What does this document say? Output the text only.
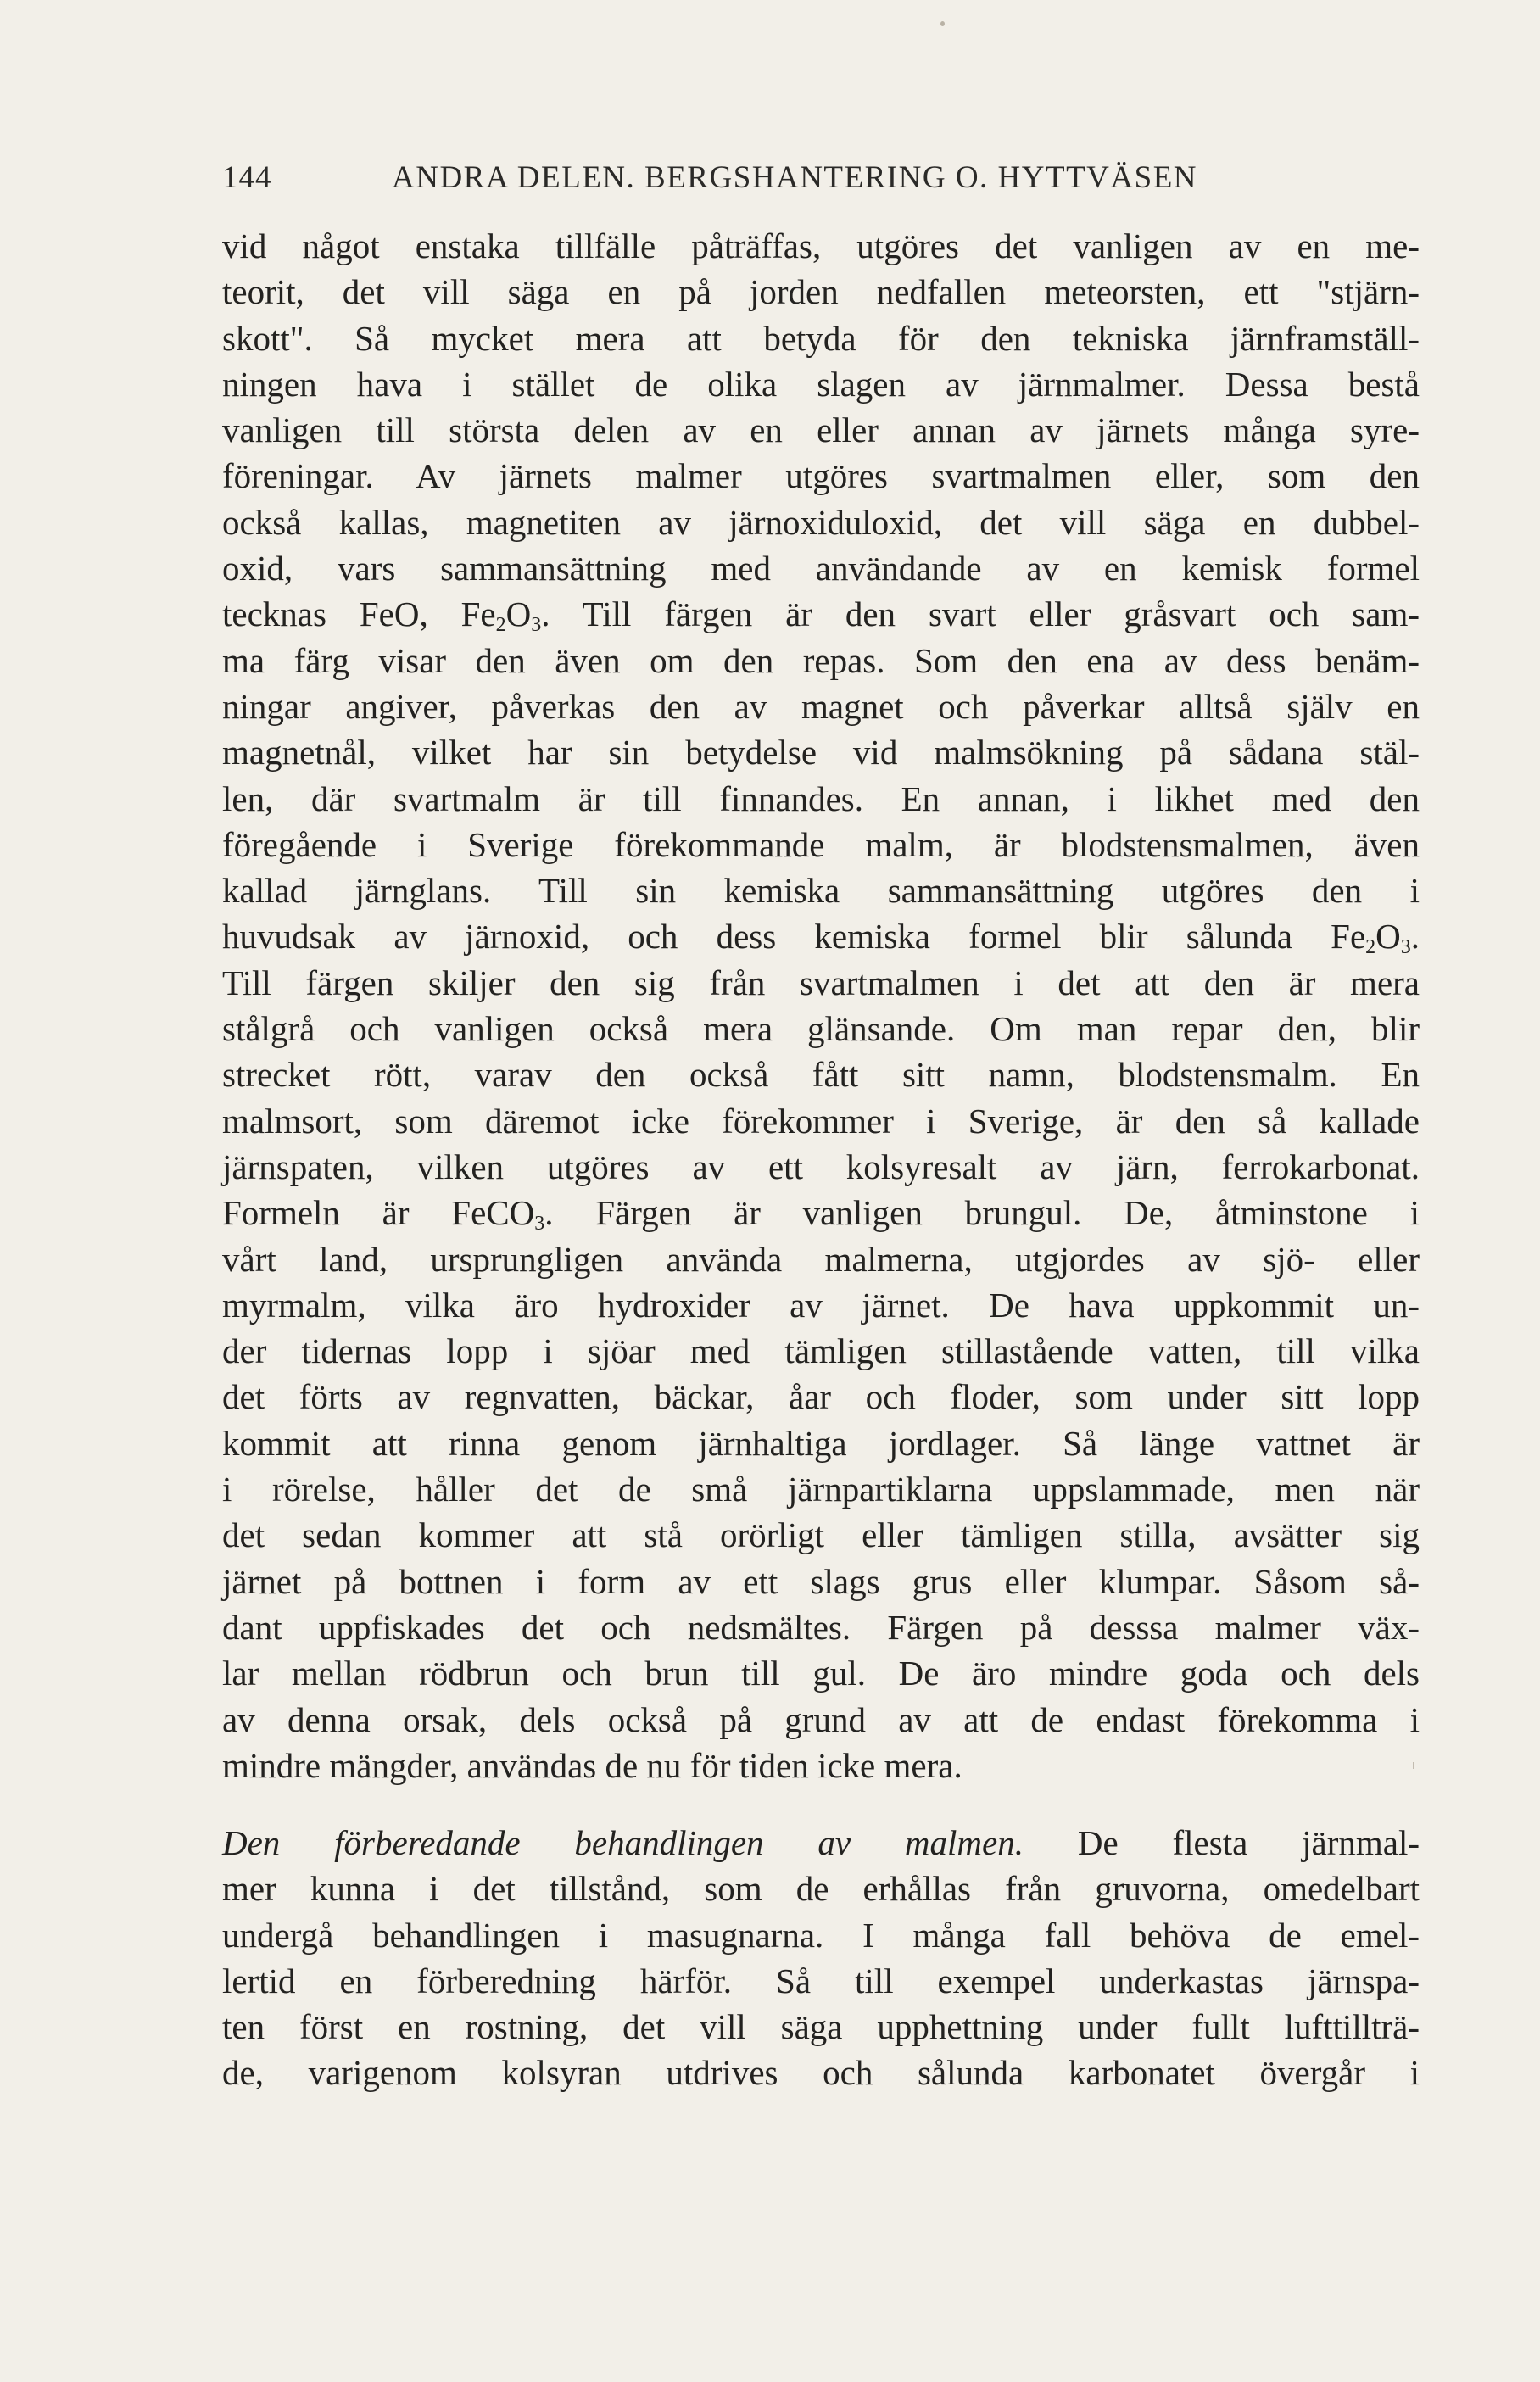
144	ANDRA DELEN. BERGSHANTERING O. HYTTVÄSEN
vid något enstaka tillfälle påträffas, utgöres det vanligen av en me-
teorit, det vill säga en på jorden nedfallen meteorsten, ett "stjärn-
skott". Så mycket mera att betyda för den tekniska järnframställ-
ningen hava i stället de olika slagen av järnmalmer. Dessa bestå
vanligen till största delen av en eller annan av järnets många syre-
föreningar. Av järnets malmer utgöres svartmalmen eller, som den
också kallas, magnetiten av järnoxiduloxid, det vill säga en dubbel-
oxid, vars sammansättning med användande av en kemisk formel
tecknas FeO, $Fe_2O_3$. Till färgen är den svart eller gråsvart och sam-
ma färg visar den även om den repas. Som den ena av dess benäm-
ningar angiver, påverkas den av magnet och påverkar alltså själv en
magnetnål, vilket har sin betydelse vid malmsökning på sådana stäl-
len, där svartmalm är till finnandes. En annan, i likhet med den
föregående i Sverige förekommande malm, är blodstensmalmen, även
kallad järnglans. Till sin kemiska sammansättning utgöres den i
huvudsak av järnoxid, och dess kemiska formel blir sålunda $Fe_2O_3$.
Till färgen skiljer den sig från svartmalmen i det att den är mera
stålgrå och vanligen också mera glänsande. Om man repar den, blir
strecket rött, varav den också fått sitt namn, blodstensmalm. En
malmsort, som däremot icke förekommer i Sverige, är den så kallade
järnspaten, vilken utgöres av ett kolsyresalt av järn, ferrokarbonat.
Formeln är FeCO$_3$. Färgen är vanligen brungul. De, åtminstone i
vårt land, ursprungligen använda malmerna, utgjordes av sjö- eller
myrmalm, vilka äro hydroxider av järnet. De hava uppkommit un-
der tidernas lopp i sjöar med tämligen stillastående vatten, till vilka
det förts av regnvatten, bäckar, åar och floder, som under sitt lopp
kommit att rinna genom järnhaltiga jordlager. Så länge vattnet är
i rörelse, håller det de små järnpartiklarna uppslammade, men när
det sedan kommer att stå orörligt eller tämligen stilla, avsätter sig
järnet på bottnen i form av ett slags grus eller klumpar. Såsom så-
dant uppfiskades det och nedsmältes. Färgen på desssa malmer väx-
lar mellan rödbrun och brun till gul. De äro mindre goda och dels
av denna orsak, dels också på grund av att de endast förekomma i
mindre mängder, användas de nu för tiden icke mera.
Den förberedande behandlingen av malmen. De flesta järnmal-
mer kunna i det tillstånd, som de erhållas från gruvorna, omedelbart
undergå behandlingen i masugnarna. I många fall behöva de emel-
lertid en förberedning härför. Så till exempel underkastas järnspa-
ten först en rostning, det vill säga upphettning under fullt lufttillträ-
de, varigenom kolsyran utdrives och sålunda karbonatet övergår i
